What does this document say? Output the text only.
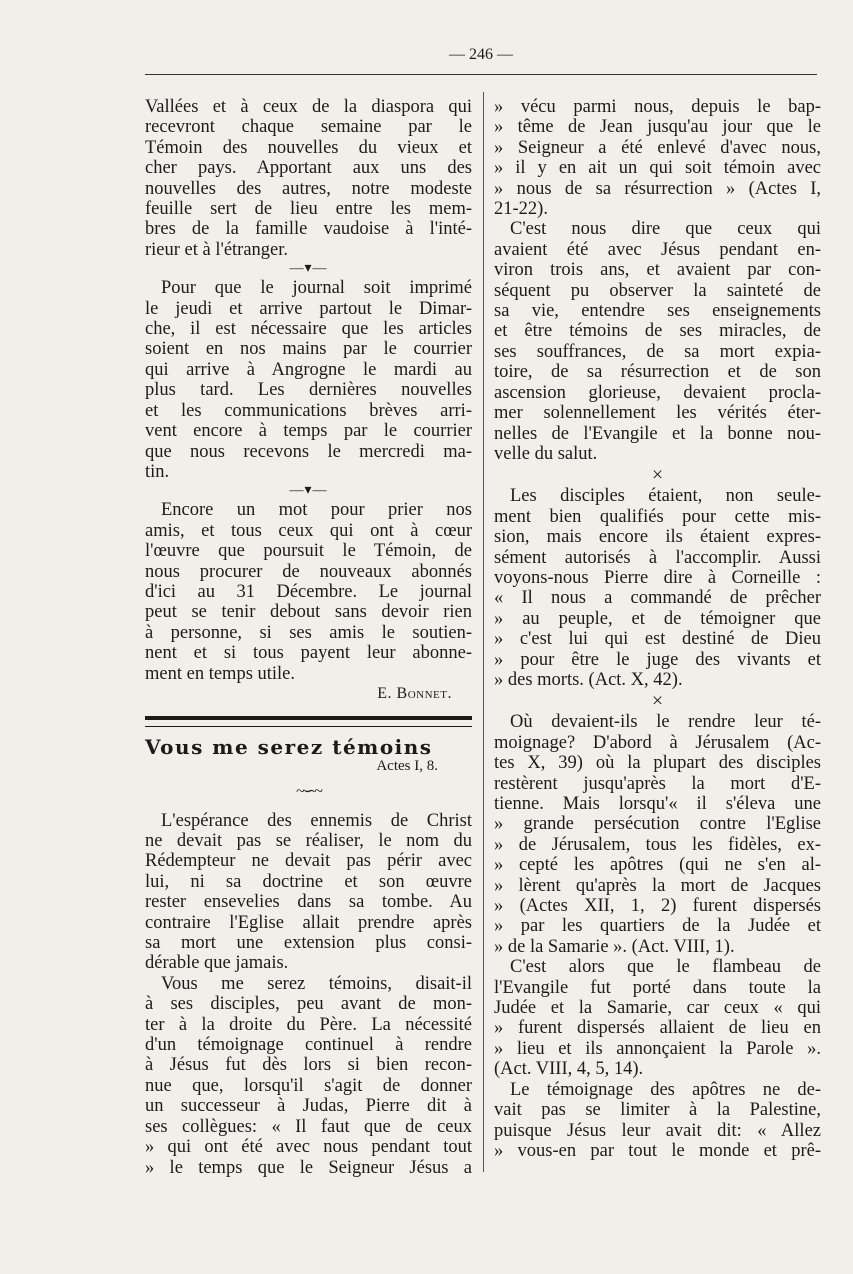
— 246 —
Vallées et à ceux de la diaspora qui
recevront chaque semaine par le
Témoin des nouvelles du vieux et
cher pays. Apportant aux uns des
nouvelles des autres, notre modeste
feuille sert de lieu entre les mem-
bres de la famille vaudoise à l'inté-
rieur et à l'étranger.
—▾—
Pour que le journal soit imprimé
le jeudi et arrive partout le Dimar-
che, il est nécessaire que les articles
soient en nos mains par le courrier
qui arrive à Angrogne le mardi au
plus tard. Les dernières nouvelles
et les communications brèves arri-
vent encore à temps par le courrier
que nous recevons le mercredi ma-
tin.
—▾—
Encore un mot pour prier nos
amis, et tous ceux qui ont à cœur
l'œuvre que poursuit le Témoin, de
nous procurer de nouveaux abonnés
d'ici au 31 Décembre. Le journal
peut se tenir debout sans devoir rien
à personne, si ses amis le soutien-
nent et si tous payent leur abonne-
ment en temps utile.
E. Bonnet.
Vous me serez témoins
Actes I, 8.
~∽~
L'espérance des ennemis de Christ
ne devait pas se réaliser, le nom du
Rédempteur ne devait pas périr avec
lui, ni sa doctrine et son œuvre
rester ensevelies dans sa tombe. Au
contraire l'Eglise allait prendre après
sa mort une extension plus consi-
dérable que jamais.
Vous me serez témoins, disait-il
à ses disciples, peu avant de mon-
ter à la droite du Père. La nécessité
d'un témoignage continuel à rendre
à Jésus fut dès lors si bien recon-
nue que, lorsqu'il s'agit de donner
un successeur à Judas, Pierre dit à
ses collègues: « Il faut que de ceux
» qui ont été avec nous pendant tout
» le temps que le Seigneur Jésus a
» vécu parmi nous, depuis le bap-
» tême de Jean jusqu'au jour que le
» Seigneur a été enlevé d'avec nous,
» il y en ait un qui soit témoin avec
» nous de sa résurrection » (Actes I,
21-22).
C'est nous dire que ceux qui
avaient été avec Jésus pendant en-
viron trois ans, et avaient par con-
séquent pu observer la sainteté de
sa vie, entendre ses enseignements
et être témoins de ses miracles, de
ses souffrances, de sa mort expia-
toire, de sa résurrection et de son
ascension glorieuse, devaient procla-
mer solennellement les vérités éter-
nelles de l'Evangile et la bonne nou-
velle du salut.
×
Les disciples étaient, non seule-
ment bien qualifiés pour cette mis-
sion, mais encore ils étaient expres-
sément autorisés à l'accomplir. Aussi
voyons-nous Pierre dire à Corneille :
« Il nous a commandé de prêcher
» au peuple, et de témoigner que
» c'est lui qui est destiné de Dieu
» pour être le juge des vivants et
» des morts. (Act. X, 42).
×
Où devaient-ils le rendre leur té-
moignage? D'abord à Jérusalem (Ac-
tes X, 39) où la plupart des disciples
restèrent jusqu'après la mort d'E-
tienne. Mais lorsqu'« il s'éleva une
» grande persécution contre l'Eglise
» de Jérusalem, tous les fidèles, ex-
» cepté les apôtres (qui ne s'en al-
» lèrent qu'après la mort de Jacques
» (Actes XII, 1, 2) furent dispersés
» par les quartiers de la Judée et
» de la Samarie ». (Act. VIII, 1).
C'est alors que le flambeau de
l'Evangile fut porté dans toute la
Judée et la Samarie, car ceux « qui
» furent dispersés allaient de lieu en
» lieu et ils annonçaient la Parole ».
(Act. VIII, 4, 5, 14).
Le témoignage des apôtres ne de-
vait pas se limiter à la Palestine,
puisque Jésus leur avait dit: « Allez
» vous-en par tout le monde et prê-
